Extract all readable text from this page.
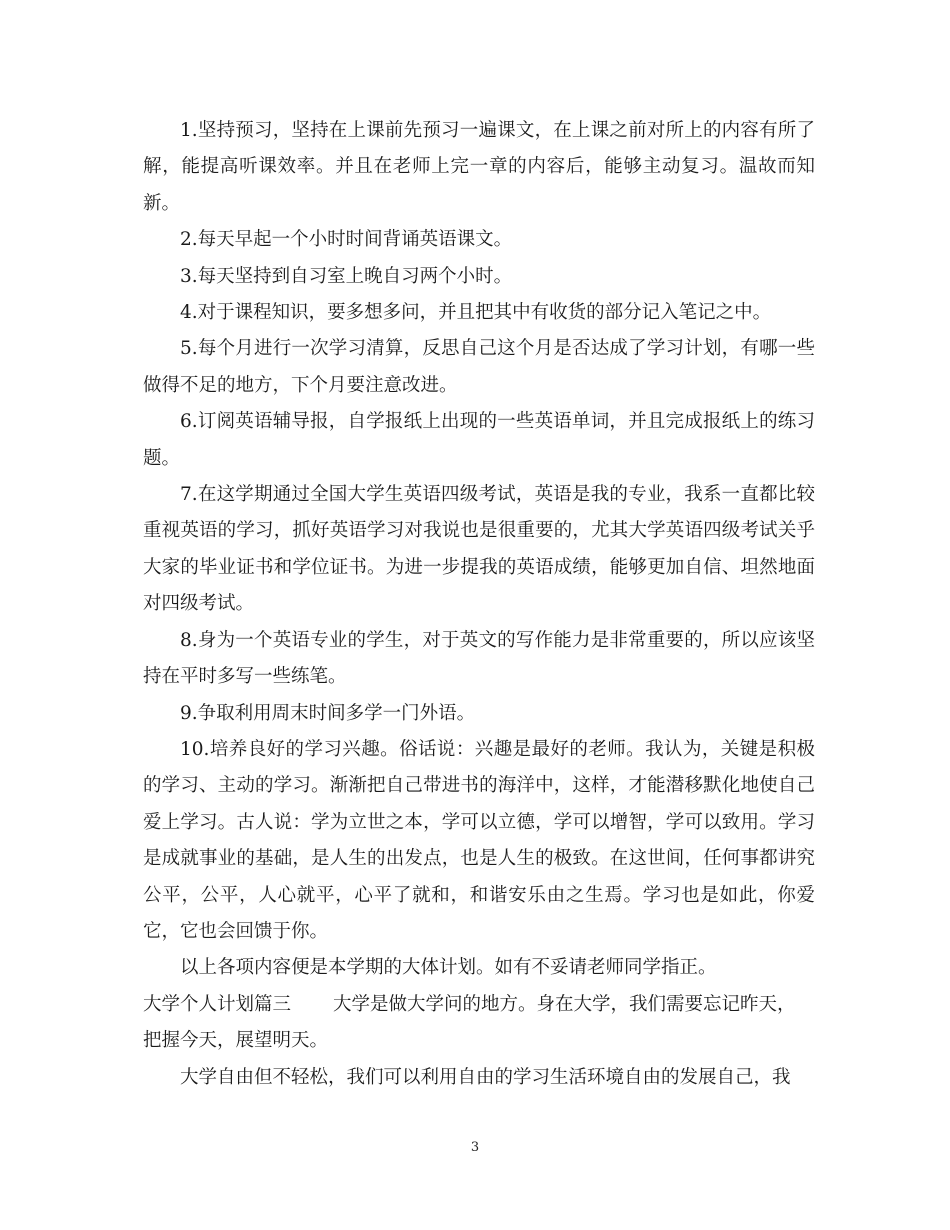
1.坚持预习，坚持在上课前先预习一遍课文，在上课之前对所上的内容有所了解，能提高听课效率。并且在老师上完一章的内容后，能够主动复习。温故而知新。

2.每天早起一个小时时间背诵英语课文。

3.每天坚持到自习室上晚自习两个小时。

4.对于课程知识，要多想多问，并且把其中有收货的部分记入笔记之中。

5.每个月进行一次学习清算，反思自己这个月是否达成了学习计划，有哪一些做得不足的地方，下个月要注意改进。

6.订阅英语辅导报，自学报纸上出现的一些英语单词，并且完成报纸上的练习题。

7.在这学期通过全国大学生英语四级考试，英语是我的专业，我系一直都比较重视英语的学习，抓好英语学习对我说也是很重要的，尤其大学英语四级考试关乎大家的毕业证书和学位证书。为进一步提我的英语成绩，能够更加自信、坦然地面对四级考试。

8.身为一个英语专业的学生，对于英文的写作能力是非常重要的，所以应该坚持在平时多写一些练笔。

9.争取利用周末时间多学一门外语。

10.培养良好的学习兴趣。俗话说：兴趣是最好的老师。我认为，关键是积极的学习、主动的学习。渐渐把自己带进书的海洋中，这样，才能潜移默化地使自己爱上学习。古人说：学为立世之本，学可以立德，学可以增智，学可以致用。学习是成就事业的基础，是人生的出发点，也是人生的极致。在这世间，任何事都讲究公平，公平，人心就平，心平了就和，和谐安乐由之生焉。学习也是如此，你爱它，它也会回馈于你。

以上各项内容便是本学期的大体计划。如有不妥请老师同学指正。

大学个人计划篇三 大学是做大学问的地方。身在大学，我们需要忘记昨天，

把握今天，展望明天。

大学自由但不轻松，我们可以利用自由的学习生活环境自由的发展自己，我

3
